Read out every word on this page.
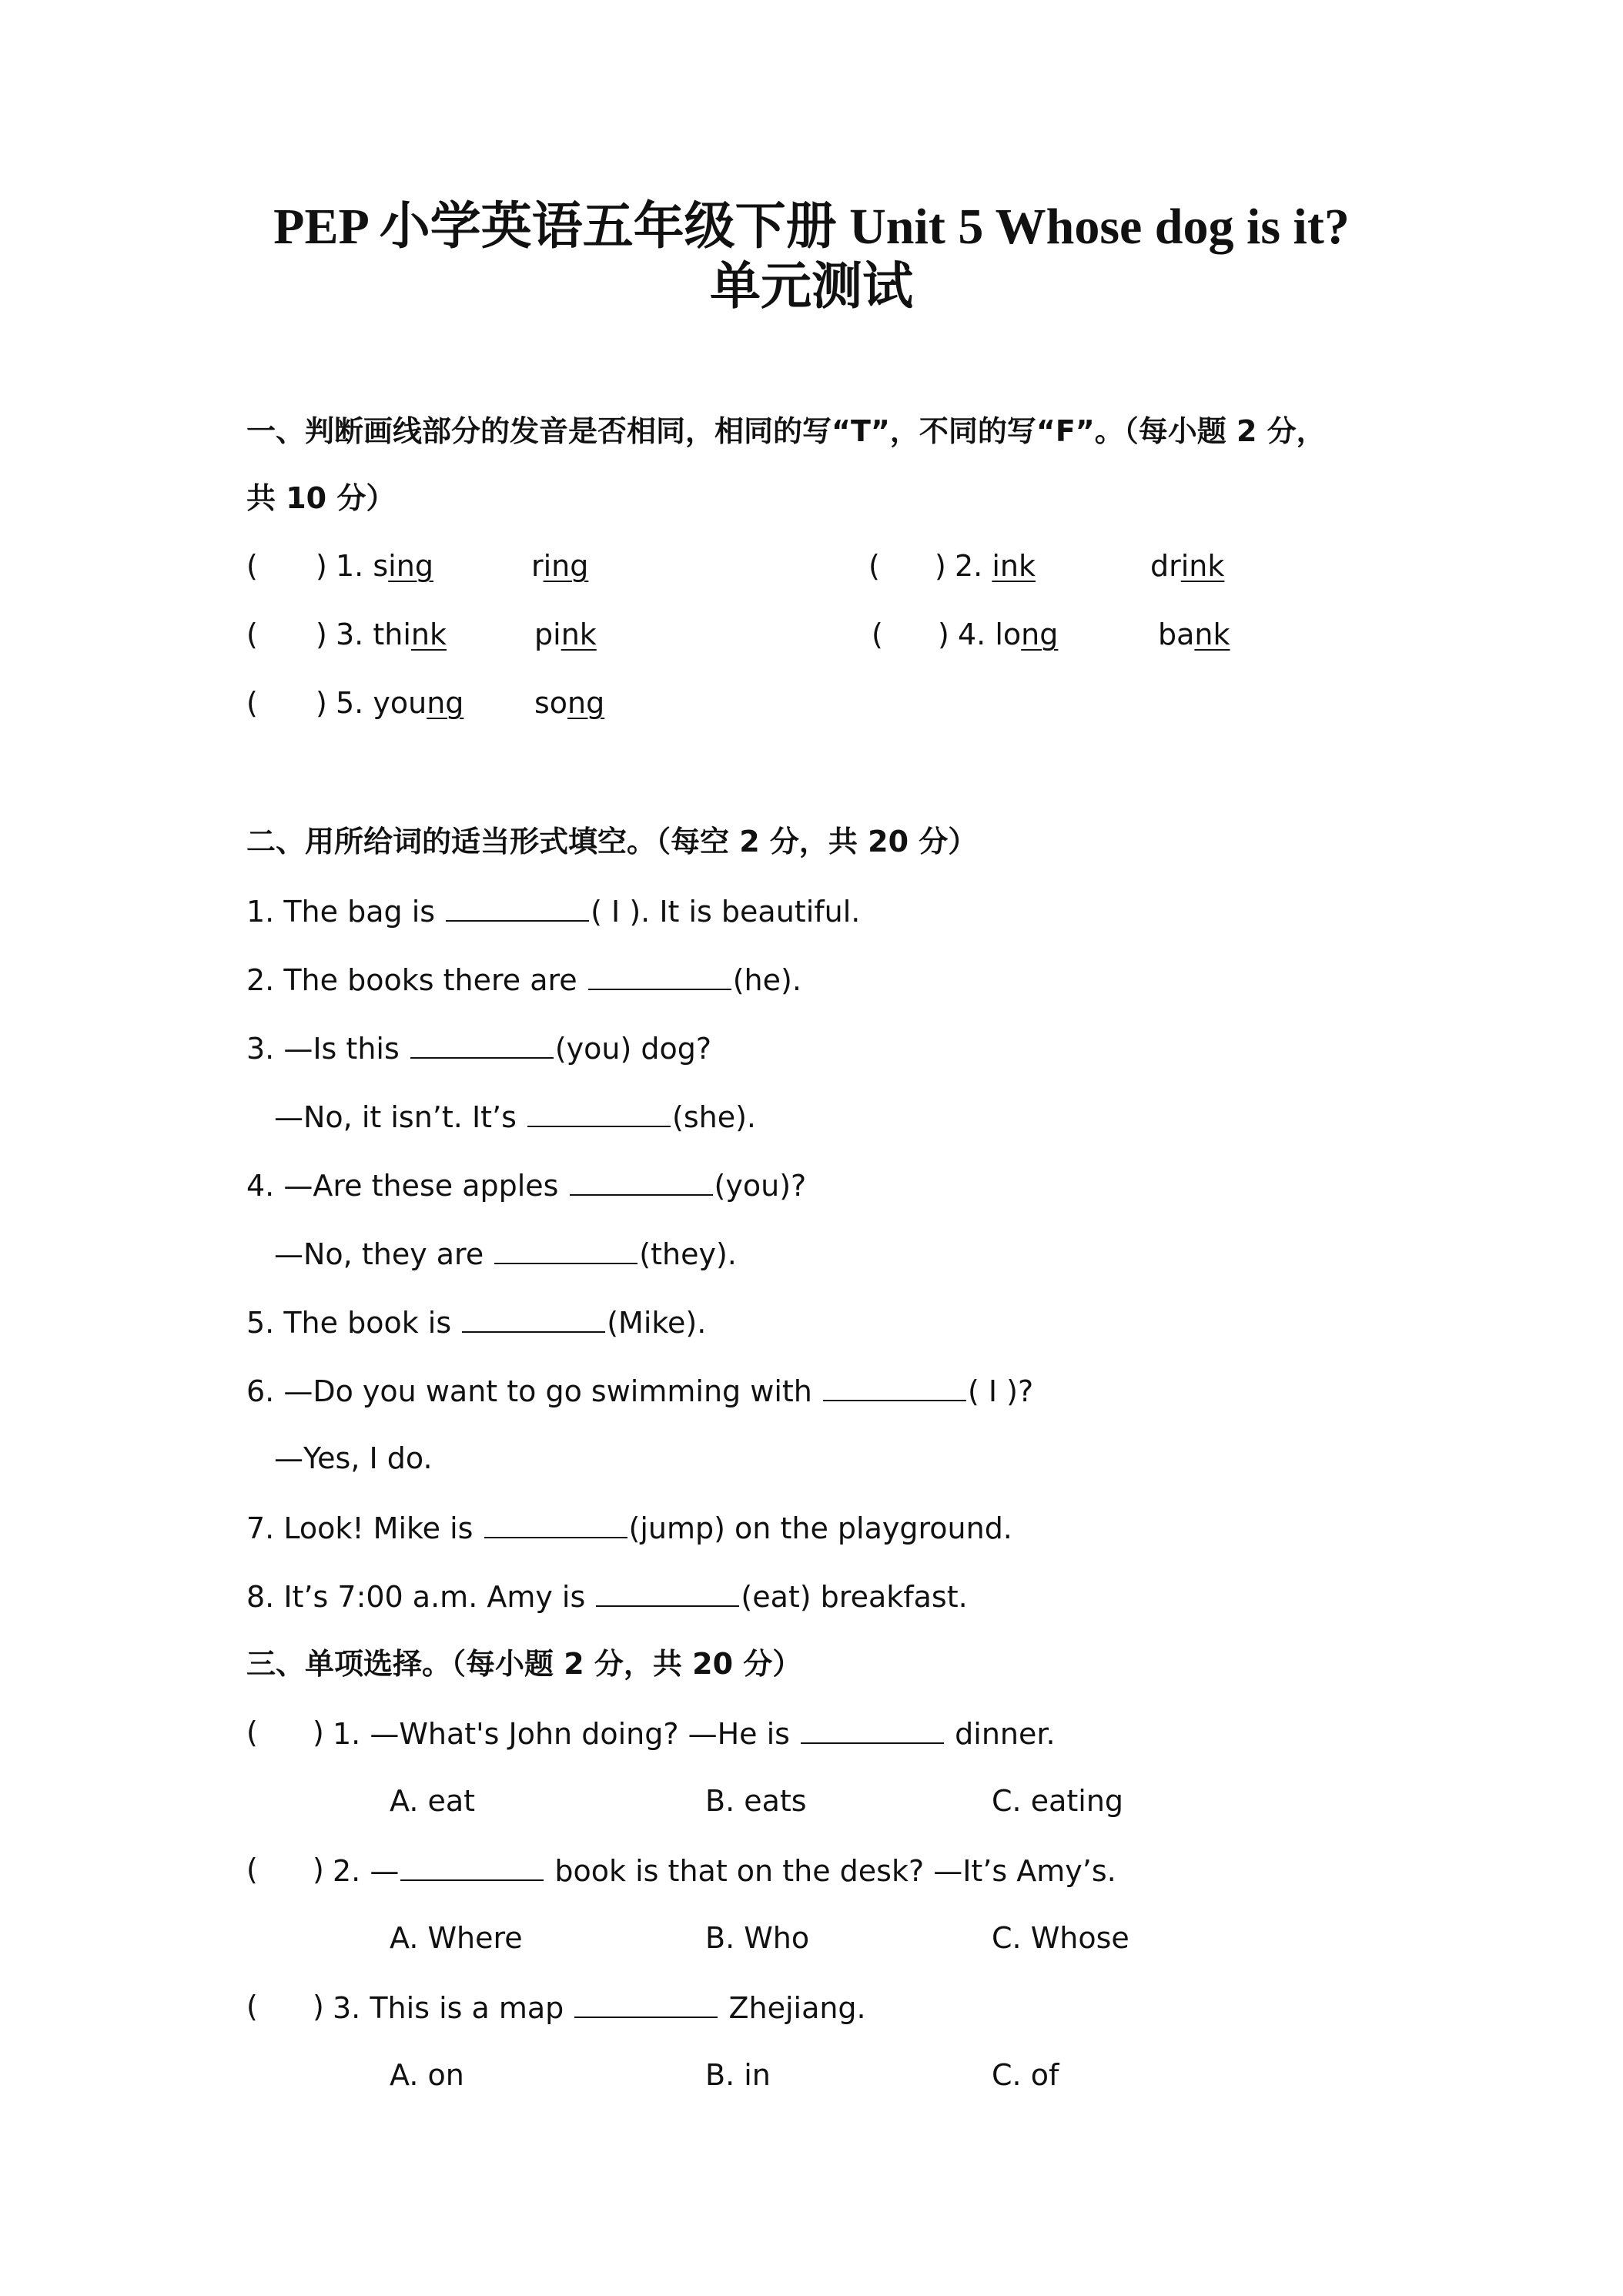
PEP 小学英语五年级下册 Unit 5 Whose dog is it?
单元测试
一、判断画线部分的发音是否相同，相同的写“T”，不同的写“F”。（每小题 2 分，
共 10 分）
( ) 1. sing	ring	( ) 2. ink	drink
( ) 3. think	pink	( ) 4. long	bank
( ) 5. young song
二、用所给词的适当形式填空。（每空 2 分，共 20 分）
1. The bag is	( I ). It is beautiful.
2. The books there are	(he).
3. —Is this	(you) dog?
—No, it isn’t. It’s	(she).
4. —Are these apples	(you)?
—No, they are	(they).
5. The book is	(Mike).
6. —Do you want to go swimming with	( I )?
—Yes, I do.
7. Look! Mike is	(jump) on the playground.
8. It’s 7:00 a.m. Amy is	(eat) breakfast.
三、单项选择。（每小题 2 分，共 20 分）
( ) 1. —What's John doing? —He is	dinner.
A. eat	B. eats	C. eating
( ) 2. —	book is that on the desk? —It’s Amy’s.
A. Where	B. Who	C. Whose
( ) 3. This is a map	Zhejiang.
A. on	B. in	C. of
